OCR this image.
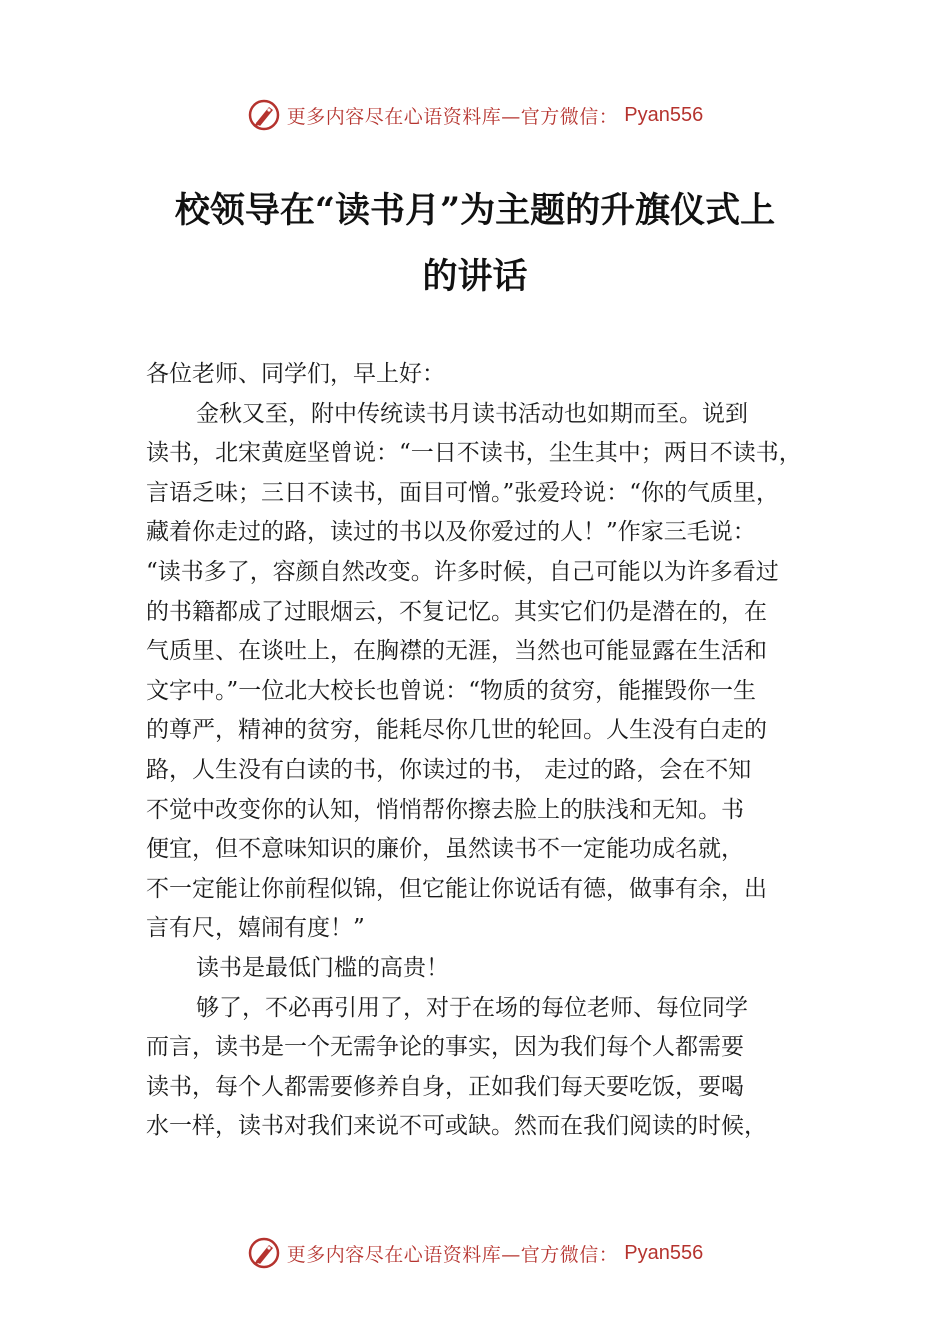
更多内容尽在心语资料库—官方微信： Pyan556
校领导在“读书月”为主题的升旗仪式上
的讲话
各位老师、同学们，早上好：
金秋又至，附中传统读书月读书活动也如期而至。说到
读书，北宋黄庭坚曾说：“一日不读书，尘生其中；两日不读书，
言语乏味；三日不读书，面目可憎。”张爱玲说：“你的气质里，
藏着你走过的路，读过的书以及你爱过的人！”作家三毛说：
“读书多了，容颜自然改变。许多时候，自己可能以为许多看过
的书籍都成了过眼烟云，不复记忆。其实它们仍是潜在的，在
气质里、在谈吐上，在胸襟的无涯，当然也可能显露在生活和
文字中。”一位北大校长也曾说：“物质的贫穷，能摧毁你一生
的尊严，精神的贫穷，能耗尽你几世的轮回。人生没有白走的
路，人生没有白读的书，你读过的书， 走过的路，会在不知
不觉中改变你的认知，悄悄帮你擦去脸上的肤浅和无知。书
便宜，但不意味知识的廉价，虽然读书不一定能功成名就，
不一定能让你前程似锦，但它能让你说话有德，做事有余，出
言有尺，嬉闹有度！”
读书是最低门槛的高贵！
够了，不必再引用了，对于在场的每位老师、每位同学
而言，读书是一个无需争论的事实，因为我们每个人都需要
读书，每个人都需要修养自身，正如我们每天要吃饭，要喝
水一样，读书对我们来说不可或缺。然而在我们阅读的时候，
更多内容尽在心语资料库—官方微信： Pyan556
